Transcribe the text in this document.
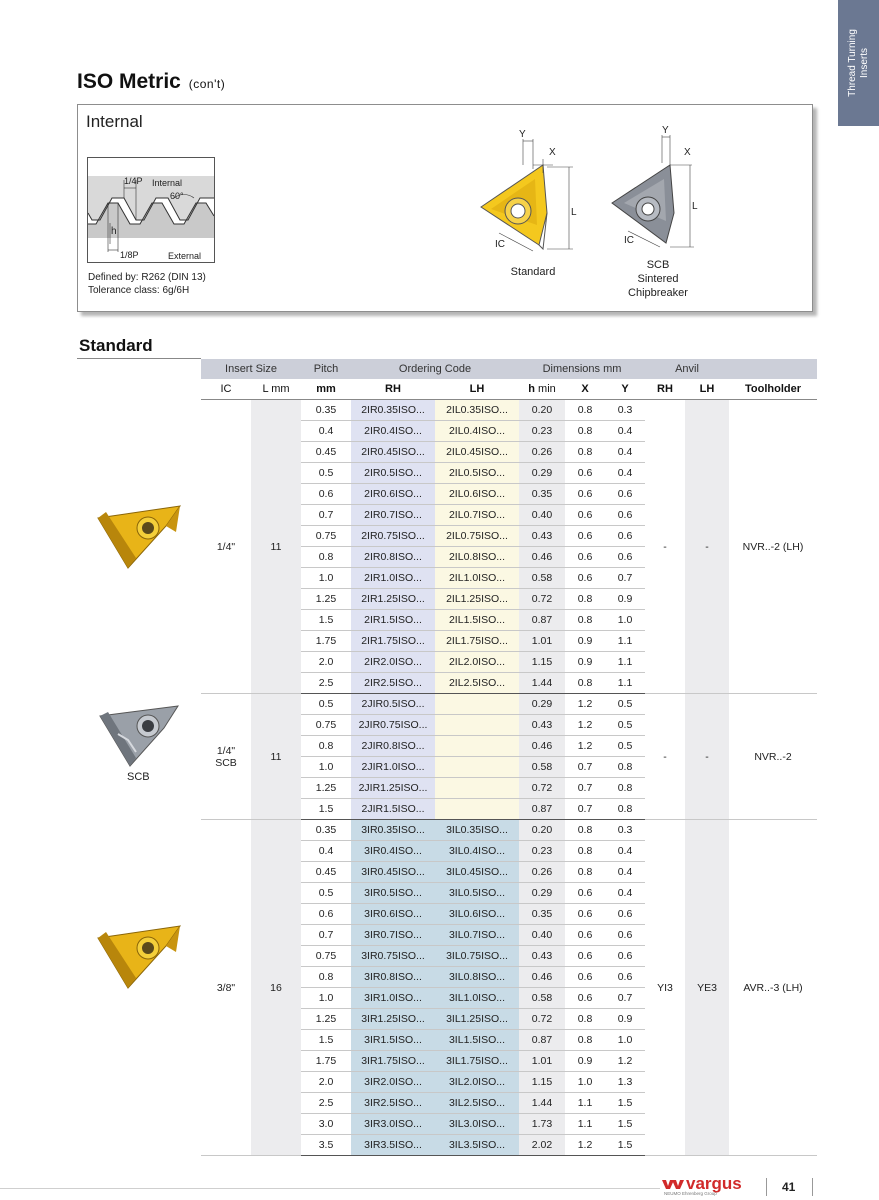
Thread Turning Inserts
ISO Metric (con't)
Internal
1/4P Internal
60°
h
1/8P	External
Defined by: R262 (DIN 13)
Tolerance class: 6g/6H
Y
X
L
IC
Standard
Y
X
L
IC
SCB
Sintered
Chipbreaker
Standard
SCB
Insert Size		Pitch	Ordering Code		Dimensions mm			Anvil		
IC	L mm	mm	RH	LH	h min	X	Y	RH	LH	Toolholder
1/4"	11	0.35	2IR0.35ISO...	2IL0.35ISO...	0.20	0.8	0.3	-	-	NVR..-2 (LH)
		0.4	2IR0.4ISO...	2IL0.4ISO...	0.23	0.8	0.4			
		0.45	2IR0.45ISO...	2IL0.45ISO...	0.26	0.8	0.4			
		0.5	2IR0.5ISO...	2IL0.5ISO...	0.29	0.6	0.4			
		0.6	2IR0.6ISO...	2IL0.6ISO...	0.35	0.6	0.6			
		0.7	2IR0.7ISO...	2IL0.7ISO...	0.40	0.6	0.6			
		0.75	2IR0.75ISO...	2IL0.75ISO...	0.43	0.6	0.6			
		0.8	2IR0.8ISO...	2IL0.8ISO...	0.46	0.6	0.6			
		1.0	2IR1.0ISO...	2IL1.0ISO...	0.58	0.6	0.7			
		1.25	2IR1.25ISO...	2IL1.25ISO...	0.72	0.8	0.9			
		1.5	2IR1.5ISO...	2IL1.5ISO...	0.87	0.8	1.0			
		1.75	2IR1.75ISO...	2IL1.75ISO...	1.01	0.9	1.1			
		2.0	2IR2.0ISO...	2IL2.0ISO...	1.15	0.9	1.1			
		2.5	2IR2.5ISO...	2IL2.5ISO...	1.44	0.8	1.1			

1/4"
SCB	11	0.5	2JIR0.5ISO...		0.29	1.2	0.5	-	-	NVR..-2
		0.75	2JIR0.75ISO...		0.43	1.2	0.5			
		0.8	2JIR0.8ISO...		0.46	1.2	0.5			
		1.0	2JIR1.0ISO...		0.58	0.7	0.8			
		1.25	2JIR1.25ISO...		0.72	0.7	0.8			
		1.5	2JIR1.5ISO...		0.87	0.7	0.8			
3/8"	16	0.35	3IR0.35ISO...	3IL0.35ISO...	0.20	0.8	0.3	YI3	YE3	AVR..-3 (LH)
		0.4	3IR0.4ISO...	3IL0.4ISO...	0.23	0.8	0.4			
		0.45	3IR0.45ISO...	3IL0.45ISO...	0.26	0.8	0.4			
		0.5	3IR0.5ISO...	3IL0.5ISO...	0.29	0.6	0.4			
		0.6	3IR0.6ISO...	3IL0.6ISO...	0.35	0.6	0.6			
		0.7	3IR0.7ISO...	3IL0.7ISO...	0.40	0.6	0.6			
		0.75	3IR0.75ISO...	3IL0.75ISO...	0.43	0.6	0.6			
		0.8	3IR0.8ISO...	3IL0.8ISO...	0.46	0.6	0.6			
		1.0	3IR1.0ISO...	3IL1.0ISO...	0.58	0.6	0.7			
		1.25	3IR1.25ISO...	3IL1.25ISO...	0.72	0.8	0.9			
		1.5	3IR1.5ISO...	3IL1.5ISO...	0.87	0.8	1.0			
		1.75	3IR1.75ISO...	3IL1.75ISO...	1.01	0.9	1.2			
		2.0	3IR2.0ISO...	3IL2.0ISO...	1.15	1.0	1.3			
		2.5	3IR2.5ISO...	3IL2.5ISO...	1.44	1.1	1.5			
		3.0	3IR3.0ISO...	3IL3.0ISO...	1.73	1.1	1.5			
		3.5	3IR3.5ISO...	3IL3.5ISO...	2.02	1.2	1.5			
vargus
NEUMO Ehrenberg Group	41
